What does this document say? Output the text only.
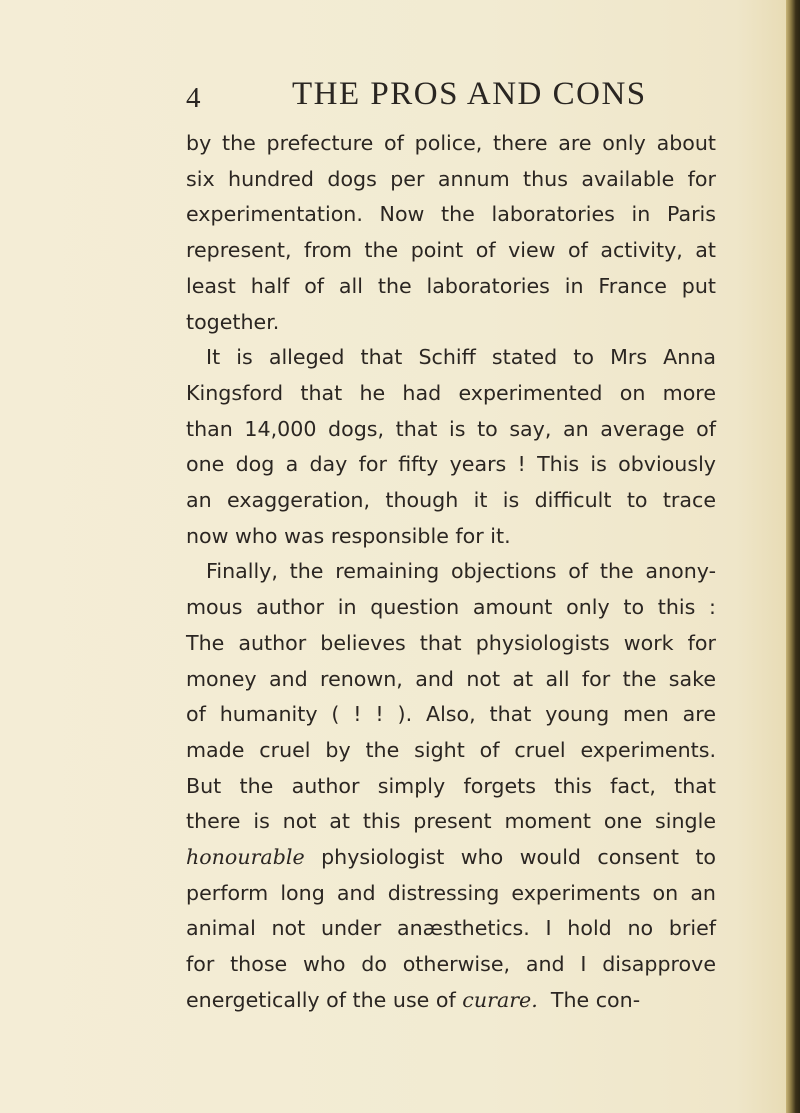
4	THE PROS AND CONS
by the prefecture of police, there are only about
six hundred dogs per annum thus available for
experimentation. Now the laboratories in Paris
represent, from the point of view of activity, at
least half of all the laboratories in France put
together.
It is alleged that Schiff stated to Mrs Anna
Kingsford that he had experimented on more
than 14,000 dogs, that is to say, an average of
one dog a day for fifty years ! This is obviously
an exaggeration, though it is difficult to trace
now who was responsible for it.
Finally, the remaining objections of the anony-
mous author in question amount only to this :
The author believes that physiologists work for
money and renown, and not at all for the sake
of humanity ( ! ! ). Also, that young men are
made cruel by the sight of cruel experiments.
But the author simply forgets this fact, that
there is not at this present moment one single
honourable physiologist who would consent to
perform long and distressing experiments on an
animal not under anæsthetics. I hold no brief
for those who do otherwise, and I disapprove
energetically of the use of curare. The con-
